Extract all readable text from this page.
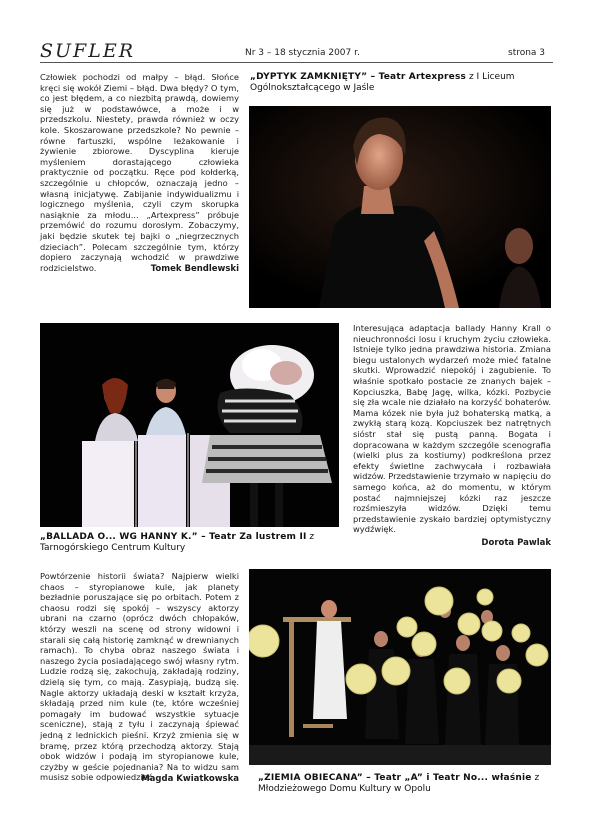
SUFLER	Nr 3 – 18 stycznia 2007 r.	strona 3
Człowiek pochodzi od małpy – błąd. Słońce kręci się wokół Ziemi – błąd. Dwa błędy? O tym, co jest błędem, a co niezbitą prawdą, dowiemy się już w podstawówce, a może i w przedszkolu. Niestety, prawda również w oczy kole. Skoszarowane przedszkole? No pewnie – równe fartuszki, wspólne leżakowanie i żywienie zbiorowe. Dyscyplina kieruje myśleniem dorastającego człowieka praktycznie od początku. Ręce pod kołderką, szczególnie u chłopców, oznaczają jedno – własną inicjatywę. Zabijanie indywidualizmu i logicznego myślenia, czyli czym skorupka nasiąknie za młodu... „Artexpress” próbuje przemówić do rozumu dorosłym. Zobaczymy, jaki będzie skutek tej bajki o „niegrzecznych dzieciach”. Polecam szczególnie tym, którzy dopiero zaczynają wchodzić w prawdziwe rodzicielstwo.	Tomek Bendlewski
„DYPTYK ZAMKNIĘTY” – Teatr Artexpress z I Liceum Ogólnokształcącego w Jaśle
„BALLADA O... WG HANNY K.” – Teatr Za lustrem II z Tarnogórskiego Centrum Kultury
Interesująca adaptacja ballady Hanny Krall o nieuchronności losu i kruchym życiu człowieka. Istnieje tylko jedna prawdziwa historia. Zmiana biegu ustalonych wydarzeń może mieć fatalne skutki. Wprowadzić niepokój i zagubienie. To właśnie spotkało postacie ze znanych bajek – Kopciuszka, Babę Jagę, wilka, kózki. Pozbycie się zła wcale nie działało na korzyść bohaterów. Mama kózek nie była już bohaterską matką, a zwykłą starą kozą. Kopciuszek bez natrętnych sióstr stał się pustą panną. Bogata i dopracowana w każdym szczególe scenografia (wielki plus za kostiumy) podkreślona przez efekty świetlne zachwycała i rozbawiała widzów. Przedstawienie trzymało w napięciu do samego końca, aż do momentu, w którym postać najmniejszej kózki raz jeszcze rozśmieszyła widzów. Dzięki temu przedstawienie zyskało bardziej optymistyczny wydźwięk.
Dorota Pawlak
Powtórzenie historii świata? Najpierw wielki chaos – styropianowe kule, jak planety bezładnie poruszające się po orbitach. Potem z chaosu rodzi się spokój – wszyscy aktorzy ubrani na czarno (oprócz dwóch chłopaków, którzy weszli na scenę od strony widowni i starali się całą historię zamknąć w drewnianych ramach). To chyba obraz naszego świata i naszego życia posiadającego swój własny rytm. Ludzie rodzą się, zakochują, zakładają rodziny, dzielą się tym, co mają. Zasypiają, budzą się. Nagle aktorzy układają deski w kształt krzyża, składają przed nim kule (te, które wcześniej pomagały im budować wszystkie sytuacje sceniczne), stają z tyłu i zaczynają śpiewać jedną z lednickich pieśni. Krzyż zmienia się w bramę, przez którą przechodzą aktorzy. Stają obok widzów i podają im styropianowe kule, czyżby w geście pojednania? Na to widzu sam musisz sobie odpowiedzieć.
Magda Kwiatkowska „ZIEMIA OBIECANA” – Teatr „A” i Teatr No... właśnie z Młodzieżowego Domu Kultury w Opolu
